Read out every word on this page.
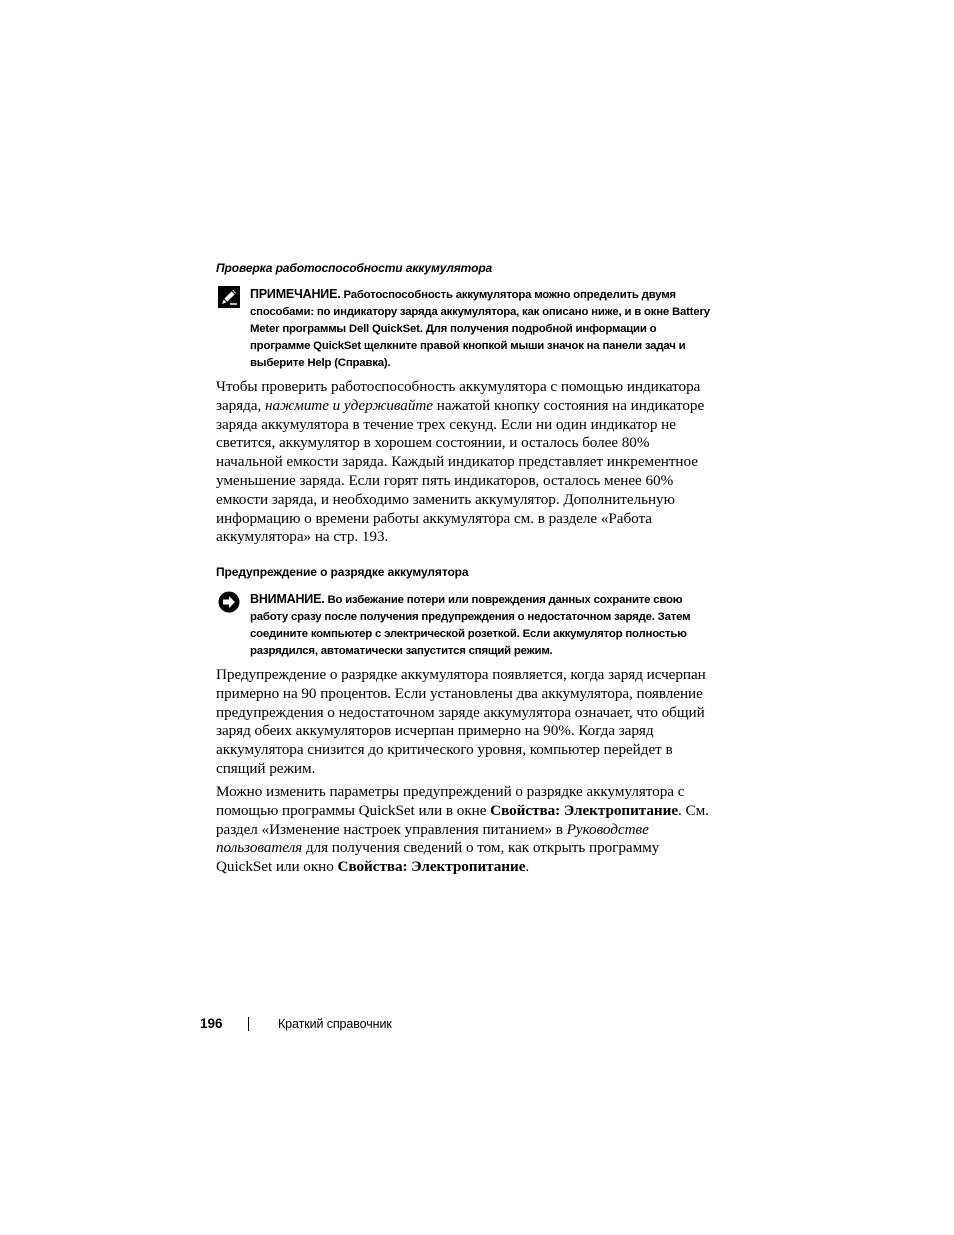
Проверка работоспособности аккумулятора
ПРИМЕЧАНИЕ. Работоспособность аккумулятора можно определить двумя способами: по индикатору заряда аккумулятора, как описано ниже, и в окне Battery Meter программы Dell QuickSet. Для получения подробной информации о программе QuickSet щелкните правой кнопкой мыши значок на панели задач и выберите Help (Справка).

Чтобы проверить работоспособность аккумулятора с помощью индикатора заряда, нажмите и удерживайте нажатой кнопку состояния на индикаторе заряда аккумулятора в течение трех секунд. Если ни один индикатор не светится, аккумулятор в хорошем состоянии, и осталось более 80% начальной емкости заряда. Каждый индикатор представляет инкрементное уменьшение заряда. Если горят пять индикаторов, осталось менее 60% емкости заряда, и необходимо заменить аккумулятор. Дополнительную информацию о времени работы аккумулятора см. в разделе «Работа аккумулятора» на стр. 193.

Предупреждение о разрядке аккумулятора
ВНИМАНИЕ. Во избежание потери или повреждения данных сохраните свою работу сразу после получения предупреждения о недостаточном заряде. Затем соедините компьютер с электрической розеткой. Если аккумулятор полностью разрядился, автоматически запустится спящий режим.

Предупреждение о разрядке аккумулятора появляется, когда заряд исчерпан примерно на 90 процентов. Если установлены два аккумулятора, появление предупреждения о недостаточном заряде аккумулятора означает, что общий заряд обеих аккумуляторов исчерпан примерно на 90%. Когда заряд аккумулятора снизится до критического уровня, компьютер перейдет в спящий режим.

Можно изменить параметры предупреждений о разрядке аккумулятора с помощью программы QuickSet или в окне Свойства: Электропитание. См. раздел «Изменение настроек управления питанием» в Руководстве пользователя для получения сведений о том, как открыть программу QuickSet или окно Свойства: Электропитание.

196	Краткий справочник
